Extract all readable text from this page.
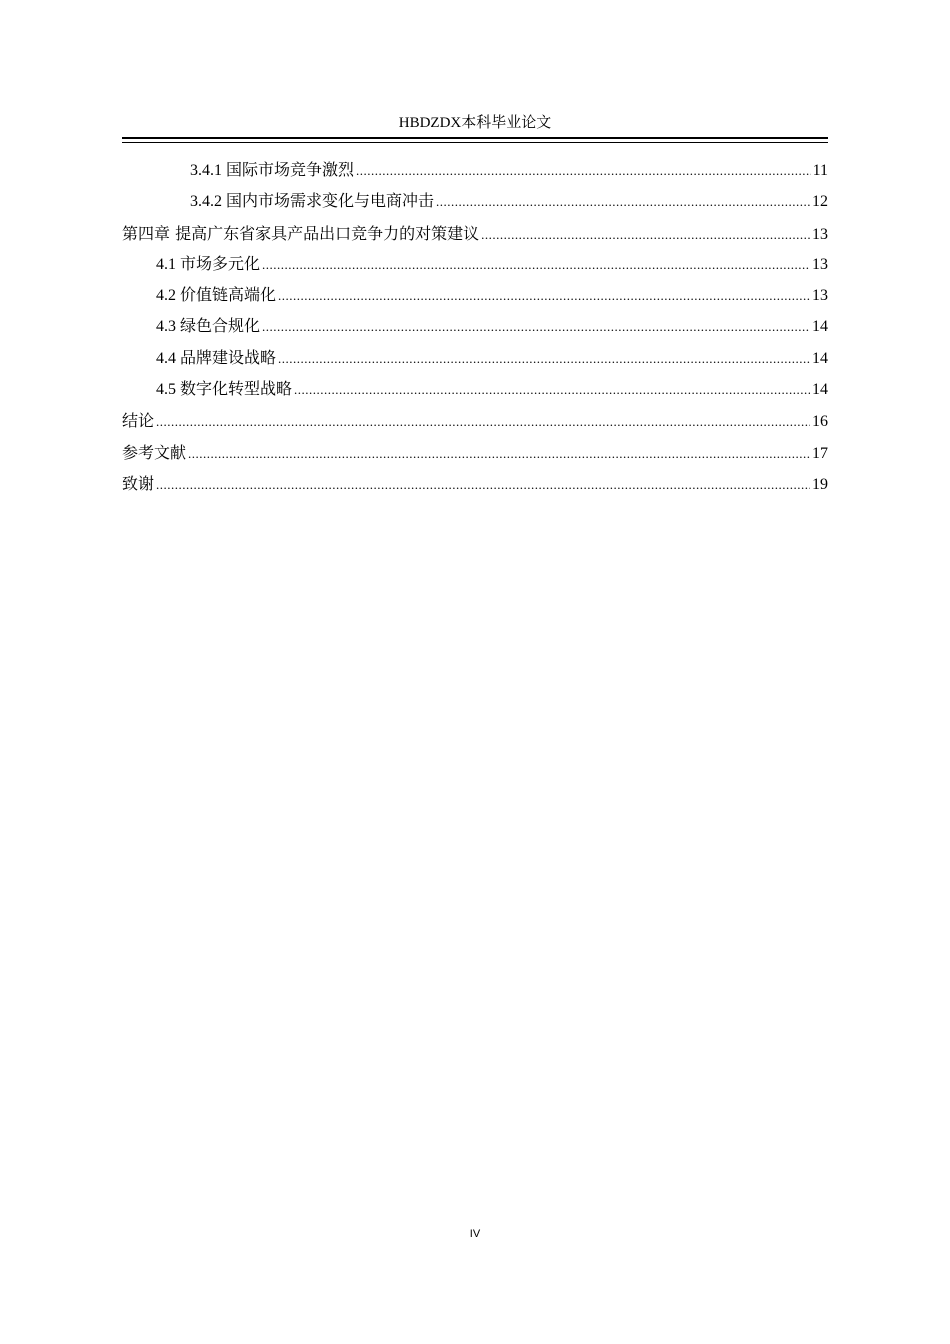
HBDZDX本科毕业论文
3.4.1 国际市场竞争激烈 .....	11
3.4.2 国内市场需求变化与电商冲击 .....	12
第四章 提高广东省家具产品出口竞争力的对策建议 .....	13
4.1 市场多元化 .....	13
4.2 价值链高端化 .....	13
4.3 绿色合规化 .....	14
4.4 品牌建设战略 .....	14
4.5 数字化转型战略 .....	14
结论 .....	16
参考文献 .....	17
致谢 .....	19
IV
